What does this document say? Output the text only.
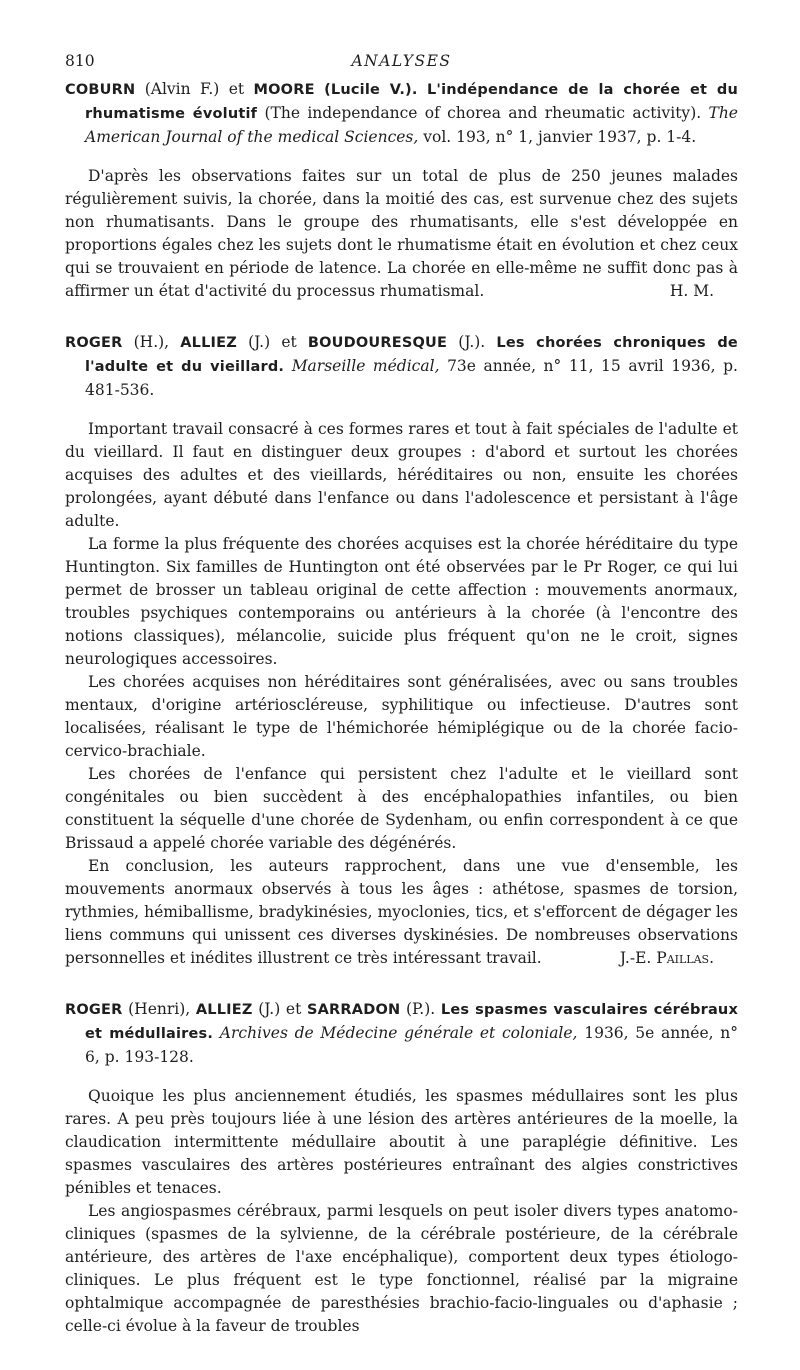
810	ANALYSES

COBURN (Alvin F.) et MOORE (Lucile V.). L'indépendance de la chorée et du rhumatisme évolutif (The independance of chorea and rheumatic activity). The American Journal of the medical Sciences, vol. 193, n° 1, janvier 1937, p. 1-4.

D'après les observations faites sur un total de plus de 250 jeunes malades régulièrement suivis, la chorée, dans la moitié des cas, est survenue chez des sujets non rhumatisants. Dans le groupe des rhumatisants, elle s'est développée en proportions égales chez les sujets dont le rhumatisme était en évolution et chez ceux qui se trouvaient en période de latence. La chorée en elle-même ne suffit donc pas à affirmer un état d'activité du processus rhumatismal.	H. M.

ROGER (H.), ALLIEZ (J.) et BOUDOURESQUE (J.). Les chorées chroniques de l'adulte et du vieillard. Marseille médical, 73e année, n° 11, 15 avril 1936, p. 481-536.

Important travail consacré à ces formes rares et tout à fait spéciales de l'adulte et du vieillard. Il faut en distinguer deux groupes : d'abord et surtout les chorées acquises des adultes et des vieillards, héréditaires ou non, ensuite les chorées prolongées, ayant débuté dans l'enfance ou dans l'adolescence et persistant à l'âge adulte.

La forme la plus fréquente des chorées acquises est la chorée héréditaire du type Huntington. Six familles de Huntington ont été observées par le Pr Roger, ce qui lui permet de brosser un tableau original de cette affection : mouvements anormaux, troubles psychiques contemporains ou antérieurs à la chorée (à l'encontre des notions classiques), mélancolie, suicide plus fréquent qu'on ne le croit, signes neurologiques accessoires.

Les chorées acquises non héréditaires sont généralisées, avec ou sans troubles mentaux, d'origine artérioscléreuse, syphilitique ou infectieuse. D'autres sont localisées, réalisant le type de l'hémichorée hémiplégique ou de la chorée facio-cervico-brachiale.

Les chorées de l'enfance qui persistent chez l'adulte et le vieillard sont congénitales ou bien succèdent à des encéphalopathies infantiles, ou bien constituent la séquelle d'une chorée de Sydenham, ou enfin correspondent à ce que Brissaud a appelé chorée variable des dégénérés.

En conclusion, les auteurs rapprochent, dans une vue d'ensemble, les mouvements anormaux observés à tous les âges : athétose, spasmes de torsion, rythmies, hémiballisme, bradykinésies, myoclonies, tics, et s'efforcent de dégager les liens communs qui unissent ces diverses dyskinésies. De nombreuses observations personnelles et inédites illustrent ce très intéressant travail.	J.-E. Paillas.

ROGER (Henri), ALLIEZ (J.) et SARRADON (P.). Les spasmes vasculaires cérébraux et médullaires. Archives de Médecine générale et coloniale, 1936, 5e année, n° 6, p. 193-128.

Quoique les plus anciennement étudiés, les spasmes médullaires sont les plus rares. A peu près toujours liée à une lésion des artères antérieures de la moelle, la claudication intermittente médullaire aboutit à une paraplégie définitive. Les spasmes vasculaires des artères postérieures entraînant des algies constrictives pénibles et tenaces.

Les angiospasmes cérébraux, parmi lesquels on peut isoler divers types anatomo-cliniques (spasmes de la sylvienne, de la cérébrale postérieure, de la cérébrale antérieure, des artères de l'axe encéphalique), comportent deux types étiologo-cliniques. Le plus fréquent est le type fonctionnel, réalisé par la migraine ophtalmique accompagnée de paresthésies brachio-facio-linguales ou d'aphasie ; celle-ci évolue à la faveur de troubles
